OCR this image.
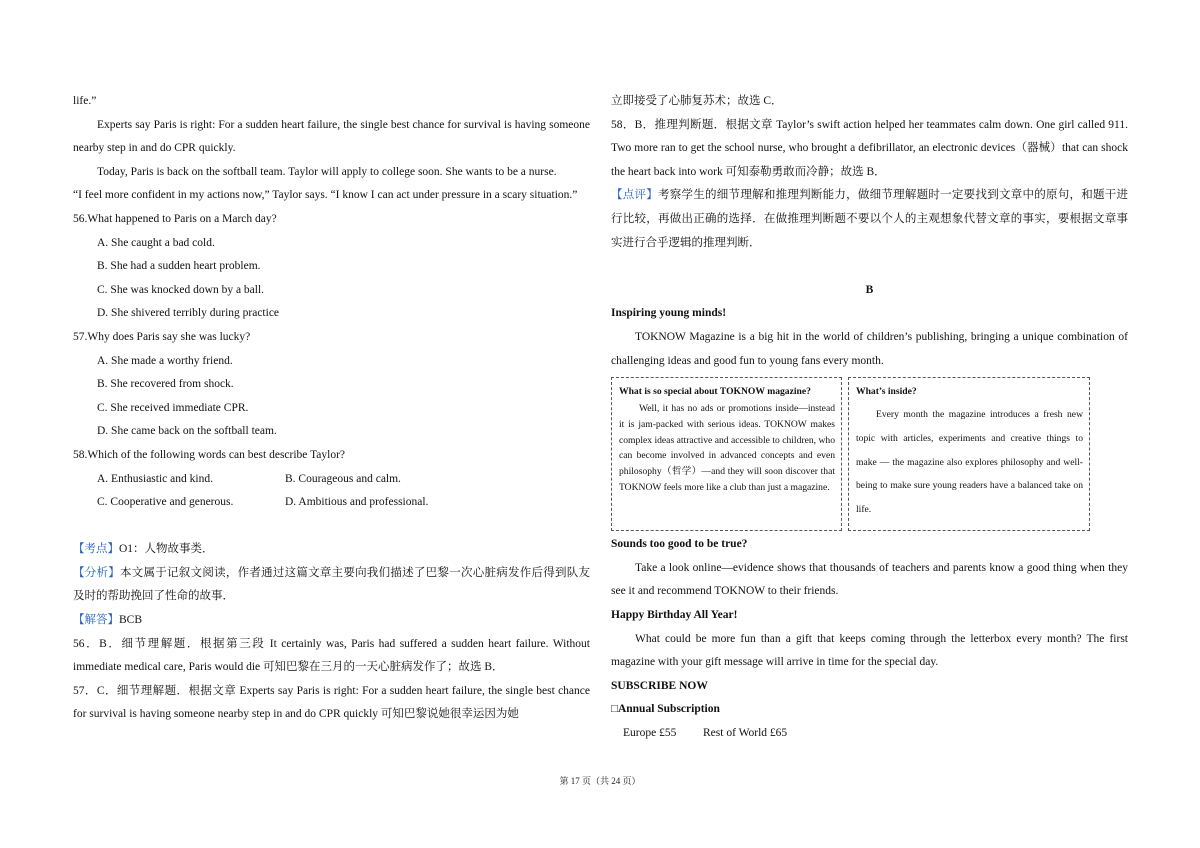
life.”
Experts say Paris is right: For a sudden heart failure, the single best chance for survival is having someone nearby step in and do CPR quickly.
Today, Paris is back on the softball team. Taylor will apply to college soon. She wants to be a nurse.
“I feel more confident in my actions now,” Taylor says. “I know I can act under pressure in a scary situation.”
56.What happened to Paris on a March day?
A. She caught a bad cold.
B. She had a sudden heart problem.
C. She was knocked down by a ball.
D. She shivered terribly during practice
57.Why does Paris say she was lucky?
A. She made a worthy friend.
B. She recovered from shock.
C. She received immediate CPR.
D. She came back on the softball team.
58.Which of the following words can best describe Taylor?
A. Enthusiastic and kind.	B. Courageous and calm.
C. Cooperative and generous.	D. Ambitious and professional.
【考点】O1：人物故事类．
【分析】本文属于记叙文阅读，作者通过这篇文章主要向我们描述了巴黎一次心脏病发作后得到队友及时的帮助挽回了性命的故事．
【解答】BCB
56．B．细节理解题．根据第三段 It certainly was, Paris had suffered a sudden heart failure. Without immediate medical care, Paris would die 可知巴黎在三月的一天心脏病发作了；故选 B．
57．C．细节理解题．根据文章 Experts say Paris is right: For a sudden heart failure, the single best chance for survival is having someone nearby step in and do CPR quickly 可知巴黎说她很幸运因为她
立即接受了心肺复苏术；故选 C．
58．B．推理判断题．根据文章 Taylor’s swift action helped her teammates calm down. One girl called 911. Two more ran to get the school nurse, who brought a defibrillator, an electronic devices（器械）that can shock the heart back into work 可知泰勒勇敢而冷静；故选 B．
【点评】考察学生的细节理解和推理判断能力，做细节理解题时一定要找到文章中的原句，和题干进行比较，再做出正确的选择．在做推理判断题不要以个人的主观想象代替文章的事实，要根据文章事实进行合乎逻辑的推理判断．
B
Inspiring young minds!
TOKNOW Magazine is a big hit in the world of children’s publishing, bringing a unique combination of challenging ideas and good fun to young fans every month.
What is so special about TOKNOW magazine?
Well, it has no ads or promotions inside—instead it is jam-packed with serious ideas. TOKNOW makes complex ideas attractive and accessible to children, who can become involved in advanced concepts and even philosophy（哲学）—and they will soon discover that TOKNOW feels more like a club than just a magazine.
What’s inside?
Every month the magazine introduces a fresh new topic with articles, experiments and creative things to make — the magazine also explores philosophy and well-being to make sure young readers have a balanced take on life.
Sounds too good to be true?
Take a look online—evidence shows that thousands of teachers and parents know a good thing when they see it and recommend TOKNOW to their friends.
Happy Birthday All Year!
What could be more fun than a gift that keeps coming through the letterbox every month? The first magazine with your gift message will arrive in time for the special day.
SUBSCRIBE NOW
□Annual Subscription
Europe £55	Rest of World £65
第 17 页（共 24 页）
